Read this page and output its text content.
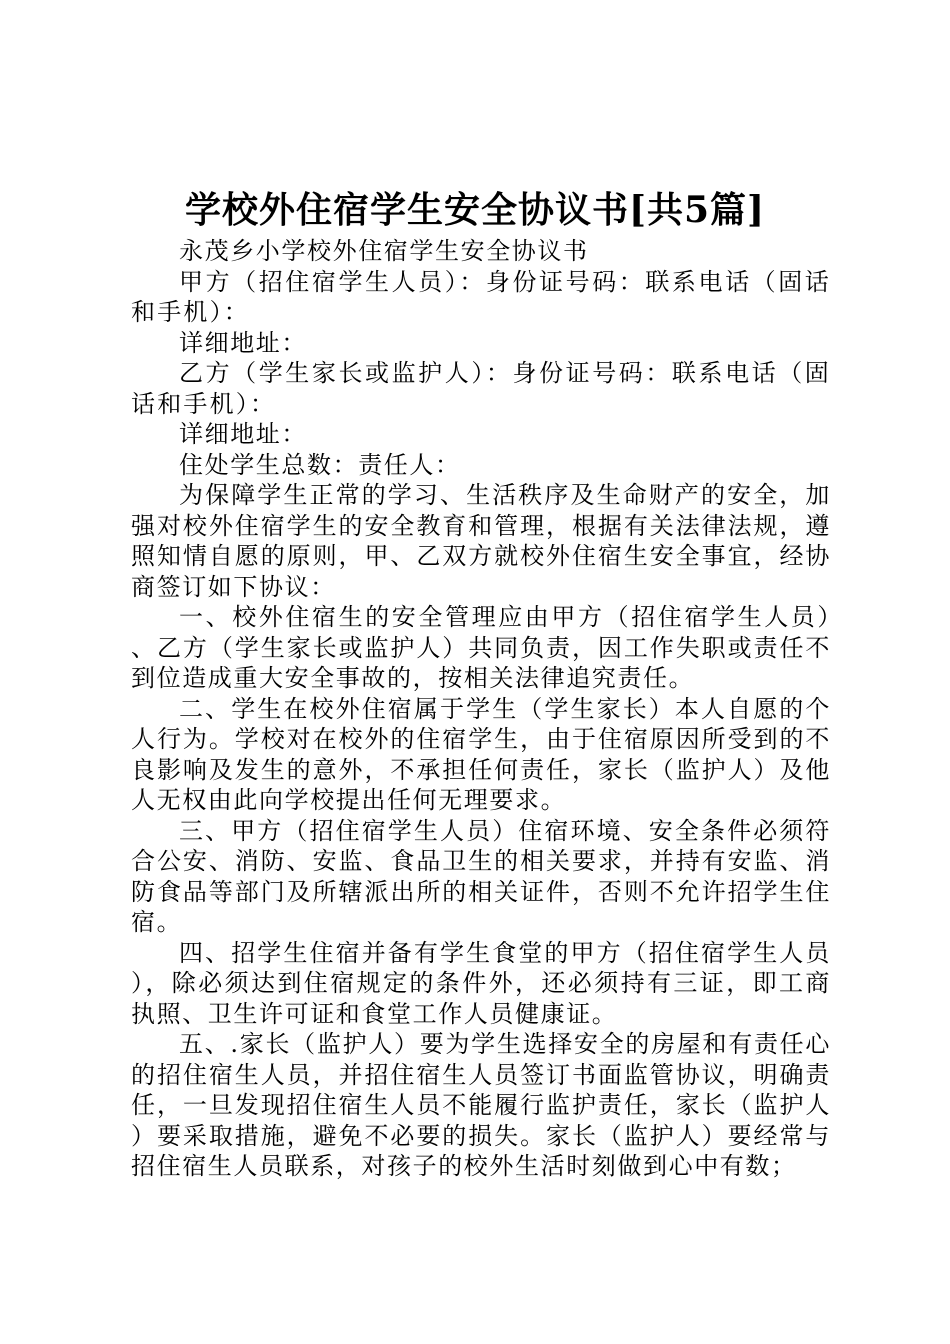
学校外住宿学生安全协议书[共5篇]

永茂乡小学校外住宿学生安全协议书

甲方（招住宿学生人员）：身份证号码：联系电话（固话和手机）：

详细地址：

乙方（学生家长或监护人）：身份证号码：联系电话（固话和手机）：

详细地址：

住处学生总数：责任人：

为保障学生正常的学习、生活秩序及生命财产的安全，加强对校外住宿学生的安全教育和管理，根据有关法律法规，遵照知情自愿的原则，甲、乙双方就校外住宿生安全事宜，经协商签订如下协议：

一、校外住宿生的安全管理应由甲方（招住宿学生人员）、乙方（学生家长或监护人）共同负责，因工作失职或责任不到位造成重大安全事故的，按相关法律追究责任。

二、学生在校外住宿属于学生（学生家长）本人自愿的个人行为。学校对在校外的住宿学生，由于住宿原因所受到的不良影响及发生的意外，不承担任何责任，家长（监护人）及他人无权由此向学校提出任何无理要求。

三、甲方（招住宿学生人员）住宿环境、安全条件必须符合公安、消防、安监、食品卫生的相关要求，并持有安监、消防食品等部门及所辖派出所的相关证件，否则不允许招学生住宿。

四、招学生住宿并备有学生食堂的甲方（招住宿学生人员），除必须达到住宿规定的条件外，还必须持有三证，即工商执照、卫生许可证和食堂工作人员健康证。

五、.家长（监护人）要为学生选择安全的房屋和有责任心的招住宿生人员，并招住宿生人员签订书面监管协议，明确责任，一旦发现招住宿生人员不能履行监护责任，家长（监护人）要采取措施，避免不必要的损失。家长（监护人）要经常与招住宿生人员联系，对孩子的校外生活时刻做到心中有数；
